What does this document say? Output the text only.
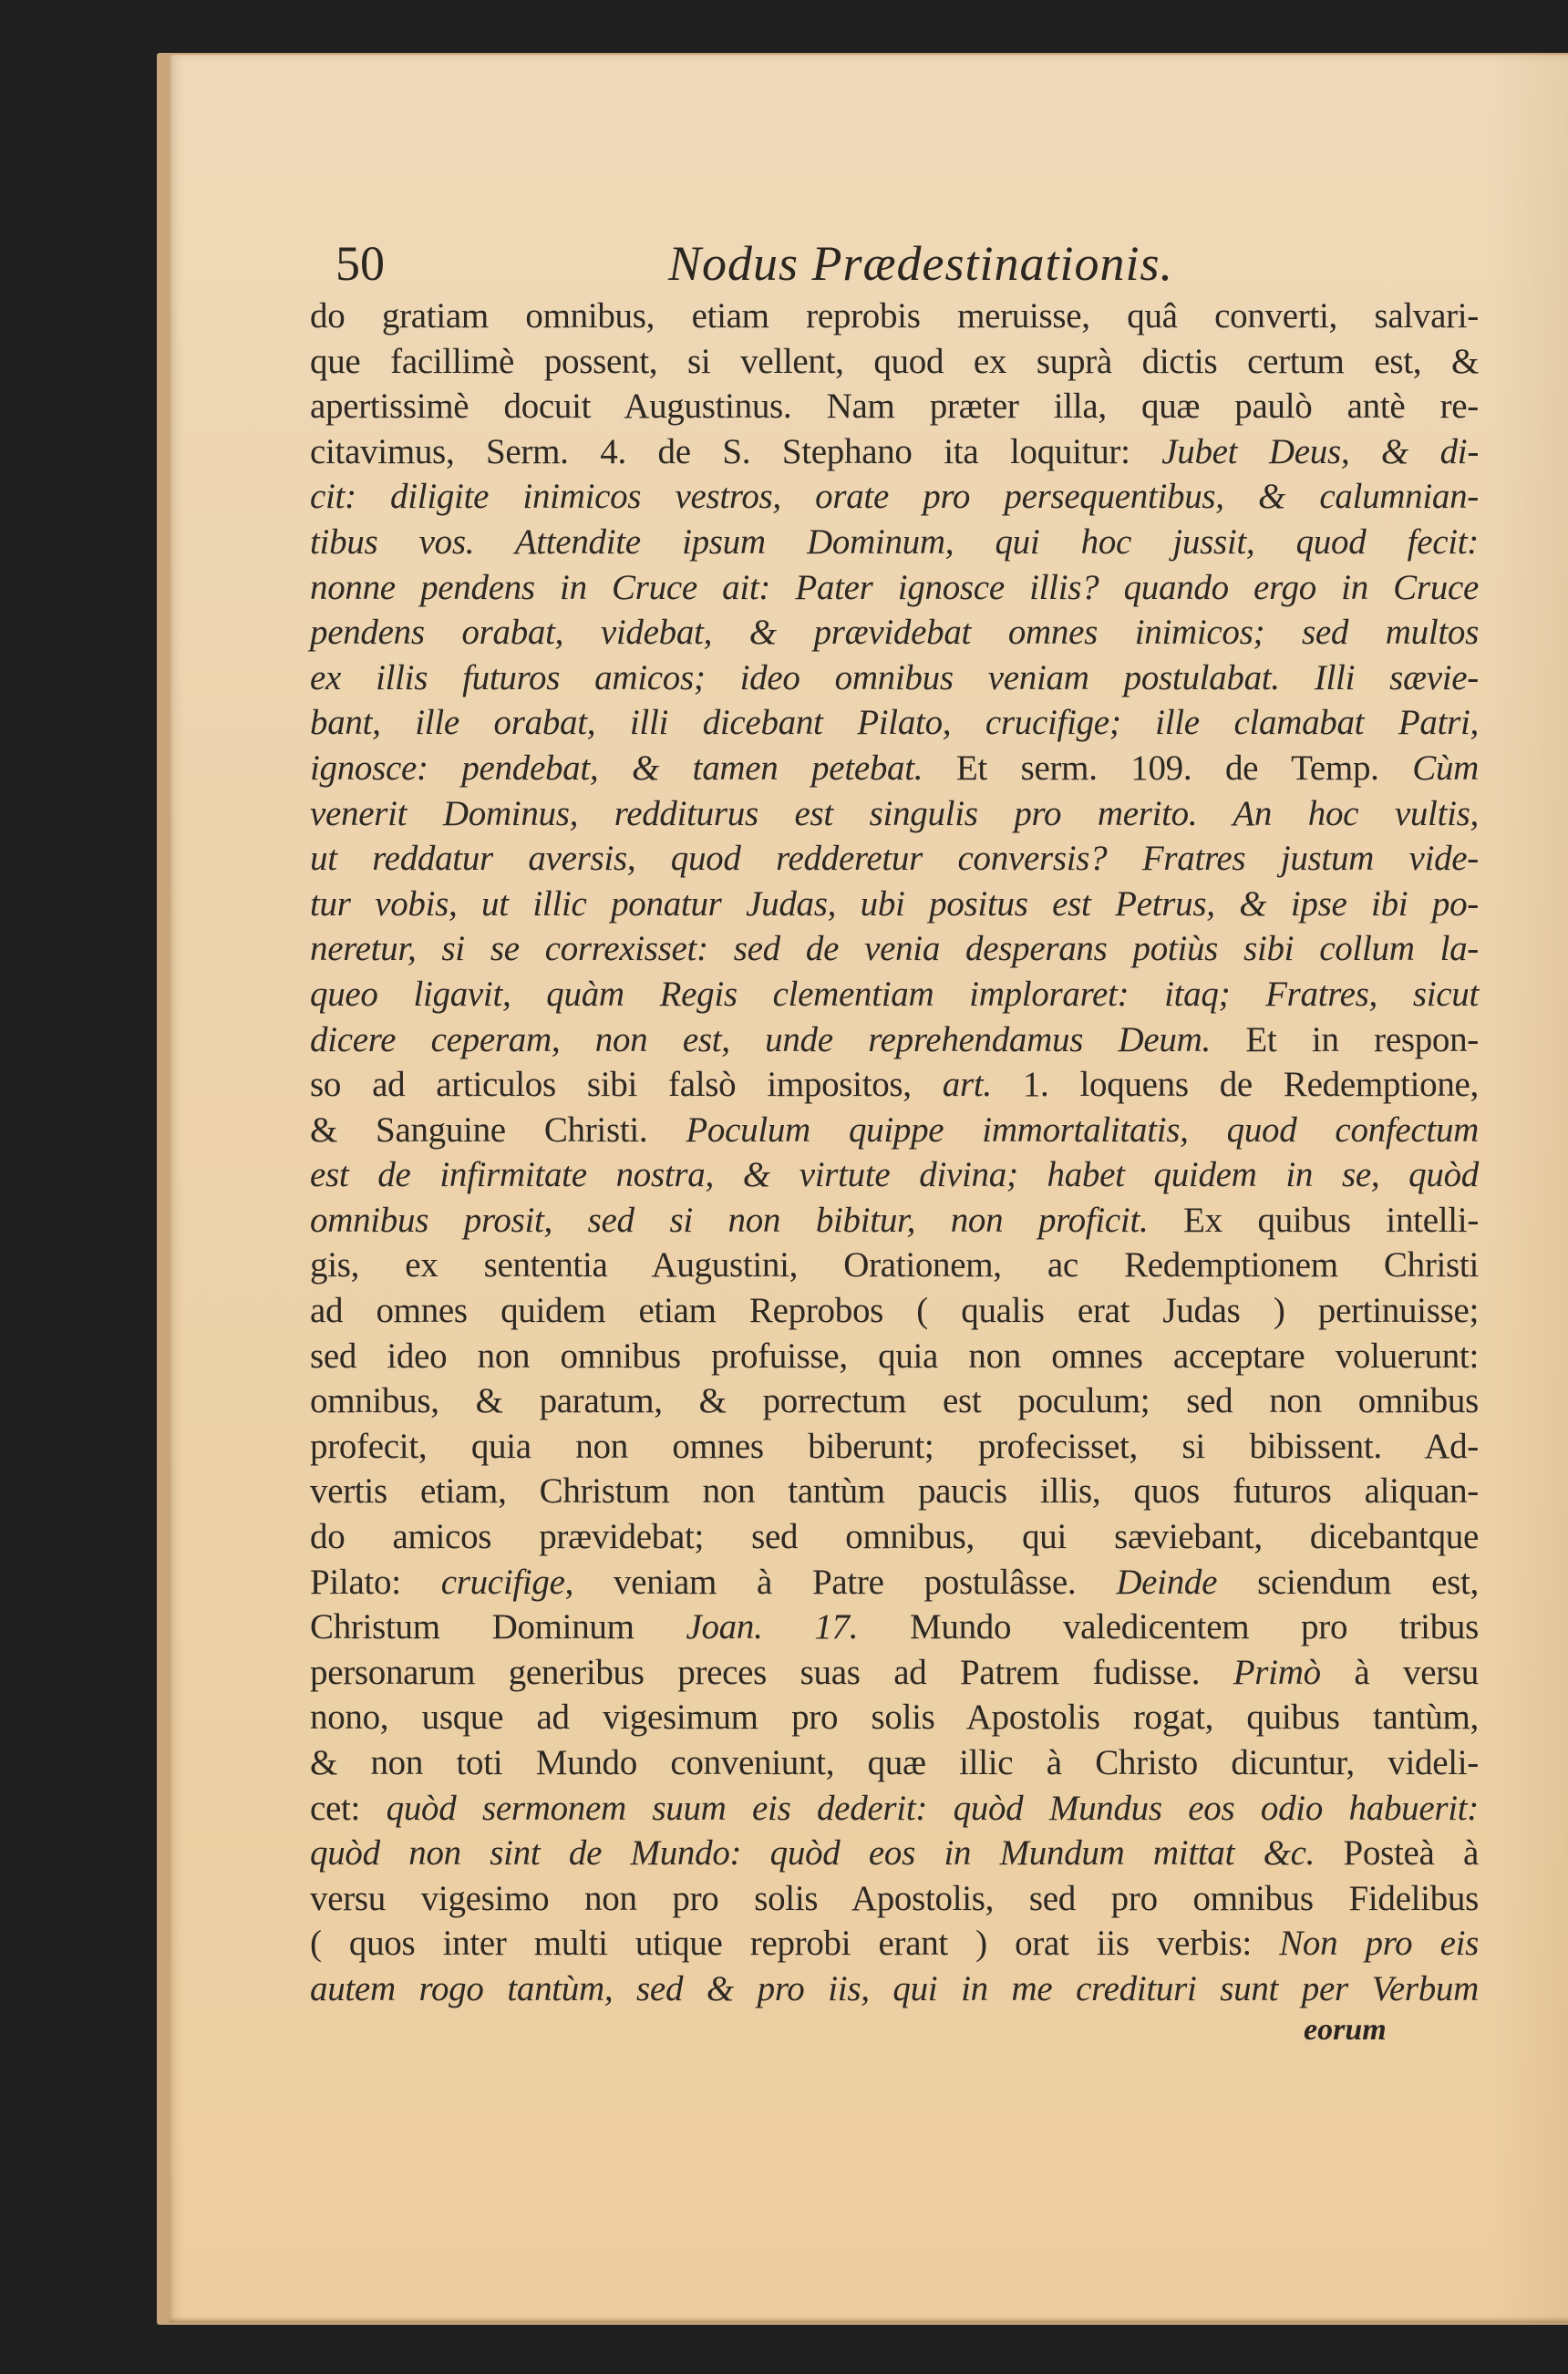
50	Nodus Prædestinationis.
do gratiam omnibus, etiam reprobis meruisse, quâ converti, salvari-
que facillimè possent, si vellent, quod ex suprà dictis certum est, &
apertissimè docuit Augustinus. Nam præter illa, quæ paulò antè re-
citavimus, Serm. 4. de S. Stephano ita loquitur: Jubet Deus, & di-
cit: diligite inimicos vestros, orate pro persequentibus, & calumnian-
tibus vos. Attendite ipsum Dominum, qui hoc jussit, quod fecit:
nonne pendens in Cruce ait: Pater ignosce illis? quando ergo in Cruce
pendens orabat, videbat, & prævidebat omnes inimicos; sed multos
ex illis futuros amicos; ideo omnibus veniam postulabat. Illi sævie-
bant, ille orabat, illi dicebant Pilato, crucifige; ille clamabat Patri,
ignosce: pendebat, & tamen petebat. Et serm. 109. de Temp. Cùm
venerit Dominus, redditurus est singulis pro merito. An hoc vultis,
ut reddatur aversis, quod redderetur conversis? Fratres justum vide-
tur vobis, ut illic ponatur Judas, ubi positus est Petrus, & ipse ibi po-
neretur, si se correxisset: sed de venia desperans potiùs sibi collum la-
queo ligavit, quàm Regis clementiam imploraret: itaq; Fratres, sicut
dicere ceperam, non est, unde reprehendamus Deum. Et in respon-
so ad articulos sibi falsò impositos, art. 1. loquens de Redemptione,
& Sanguine Christi. Poculum quippe immortalitatis, quod confectum
est de infirmitate nostra, & virtute divina; habet quidem in se, quòd
omnibus prosit, sed si non bibitur, non proficit. Ex quibus intelli-
gis, ex sententia Augustini, Orationem, ac Redemptionem Christi
ad omnes quidem etiam Reprobos ( qualis erat Judas ) pertinuisse;
sed ideo non omnibus profuisse, quia non omnes acceptare voluerunt:
omnibus, & paratum, & porrectum est poculum; sed non omnibus
profecit, quia non omnes biberunt; profecisset, si bibissent. Ad-
vertis etiam, Christum non tantùm paucis illis, quos futuros aliquan-
do amicos prævidebat; sed omnibus, qui sæviebant, dicebantque
Pilato: crucifige, veniam à Patre postulâsse. Deinde sciendum est,
Christum Dominum Joan. 17. Mundo valedicentem pro tribus
personarum generibus preces suas ad Patrem fudisse. Primò à versu
nono, usque ad vigesimum pro solis Apostolis rogat, quibus tantùm,
& non toti Mundo conveniunt, quæ illic à Christo dicuntur, videli-
cet: quòd sermonem suum eis dederit: quòd Mundus eos odio habuerit:
quòd non sint de Mundo: quòd eos in Mundum mittat &c. Posteà à
versu vigesimo non pro solis Apostolis, sed pro omnibus Fidelibus
( quos inter multi utique reprobi erant ) orat iis verbis: Non pro eis
autem rogo tantùm, sed & pro iis, qui in me credituri sunt per Verbum
eorum
